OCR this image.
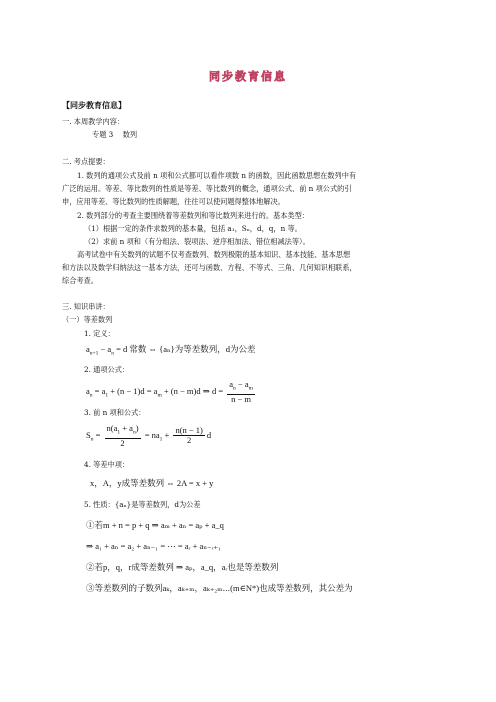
同步教育信息
【同步教育信息】
一. 本周教学内容：
专题 3　 数列
二. 考点提要：
1. 数列的通项公式及前 n 项和公式都可以看作项数 n 的函数，因此函数思想在数列中有
广泛的运用。等差、等比数列的性质是等差、等比数列的概念，通项公式、前 n 项公式的引
申，应用等差、等比数列的性质解题，往往可以使问题得整体地解决。
2. 数列部分的考查主要围绕着等差数列和等比数列来进行的。基本类型：
（1）根据一定的条件求数列的基本量，包括 a₁，Sₙ，d，q，n 等。
（2）求前 n 项和（有分组法、裂项法、逆序相加法、错位相减法等）。
高考试卷中有关数列的试题不仅考查数列、数列极限的基本知识、基本技能、基本思想
和方法以及数学归纳法这一基本方法，还可与函数、方程、不等式、三角、几何知识相联系，
综合考查。
三. 知识串讲：
（一）等差数列
1. 定义：
$a_{n+1} - a_n = d$ 常数 ⇔ {aₙ}为等差数列，d为公差
2. 通项公式：
$a_n = a_1 + (n - 1)d = a_m + (n - m)d$ ⇒ $d = \frac{a_n - a_m}{n - m}$
3. 前 n 项和公式：
$S_n = \frac{n(a_1 + a_n)}{2} = na_1 + \frac{n(n - 1)}{2}$ d
4. 等差中项：
x，A，y成等差数列 ⇔ 2A = x + y
5. 性质：{aₙ}是等差数列，d为公差
①若m + n = p + q ⇒ aₘ + aₙ = aₚ + a_q
⇒ a₁ + aₙ = a₂ + aₙ₋₁ = ⋯ = aᵣ + aₙ₋ᵣ₊₁
②若p，q，r成等差数列 ⇒ aₚ，a_q，aᵣ也是等差数列
③等差数列的子数列aₖ，aₖ₊ₘ，aₖ₊₂ₘ⋯(m∈N*)也成等差数列，其公差为
